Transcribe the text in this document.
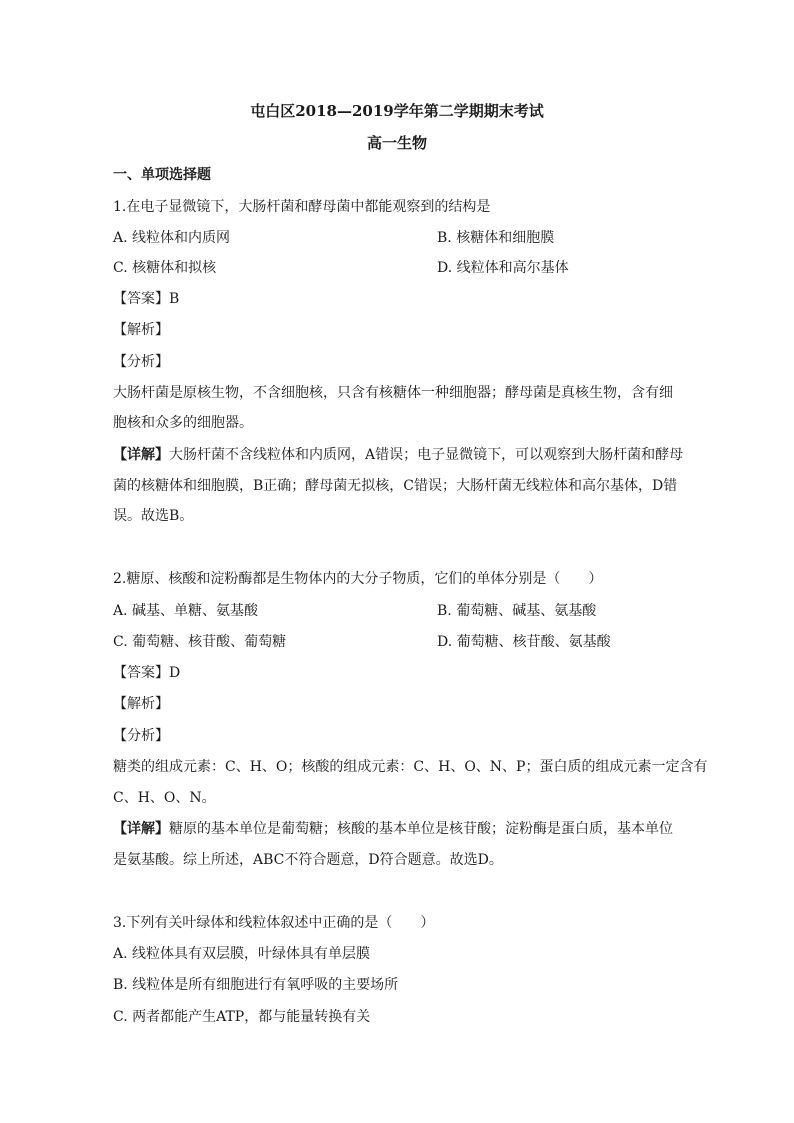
屯白区2018—2019学年第二学期期末考试
高一生物
一、单项选择题
1.在电子显微镜下，大肠杆菌和酵母菌中都能观察到的结构是
A. 线粒体和内质网	B. 核糖体和细胞膜
C. 核糖体和拟核	D. 线粒体和高尔基体
【答案】B
【解析】
【分析】
大肠杆菌是原核生物，不含细胞核，只含有核糖体一种细胞器；酵母菌是真核生物，含有细
胞核和众多的细胞器。
【详解】大肠杆菌不含线粒体和内质网，A错误；电子显微镜下，可以观察到大肠杆菌和酵母
菌的核糖体和细胞膜，B正确；酵母菌无拟核，C错误；大肠杆菌无线粒体和高尔基体，D错
误。故选B。
2.糖原、核酸和淀粉酶都是生物体内的大分子物质，它们的单体分别是（　　）
A. 碱基、单糖、氨基酸	B. 葡萄糖、碱基、氨基酸
C. 葡萄糖、核苷酸、葡萄糖	D. 葡萄糖、核苷酸、氨基酸
【答案】D
【解析】
【分析】
糖类的组成元素：C、H、O；核酸的组成元素：C、H、O、N、P；蛋白质的组成元素一定含有
C、H、O、N。
【详解】糖原的基本单位是葡萄糖；核酸的基本单位是核苷酸；淀粉酶是蛋白质，基本单位
是氨基酸。综上所述，ABC不符合题意，D符合题意。故选D。
3.下列有关叶绿体和线粒体叙述中正确的是（　　）
A. 线粒体具有双层膜，叶绿体具有单层膜
B. 线粒体是所有细胞进行有氧呼吸的主要场所
C. 两者都能产生ATP，都与能量转换有关
